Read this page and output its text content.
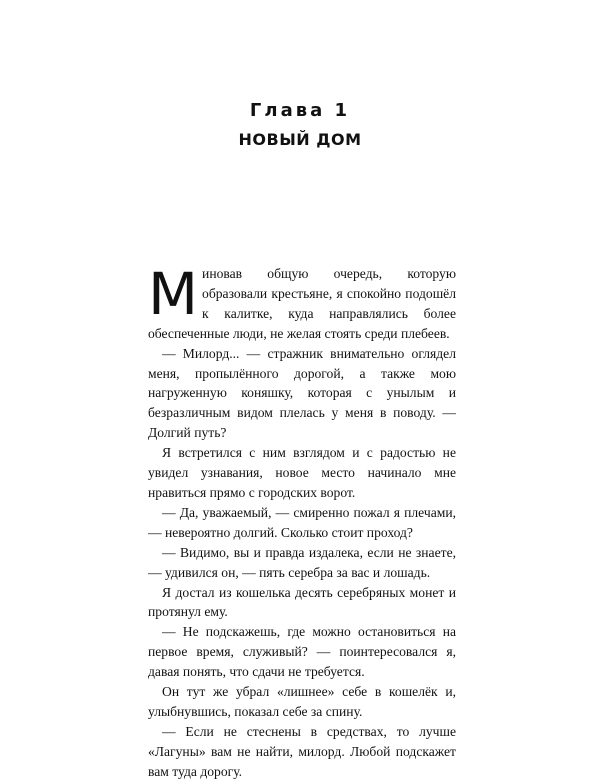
Глава 1
НОВЫЙ ДОМ

Миновав общую очередь, которую образовали крестьяне, я спокойно подошёл к калитке, куда направлялись более обеспеченные люди, не желая стоять среди плебеев.

— Милорд... — стражник внимательно оглядел меня, пропылённого дорогой, а также мою нагруженную коняшку, которая с унылым и безразличным видом плелась у меня в поводу. — Долгий путь?

Я встретился с ним взглядом и с радостью не увидел узнавания, новое место начинало мне нравиться прямо с городских ворот.

— Да, уважаемый, — смиренно пожал я плечами, — невероятно долгий. Сколько стоит проход?

— Видимо, вы и правда издалека, если не знаете, — удивился он, — пять серебра за вас и лошадь.

Я достал из кошелька десять серебряных монет и протянул ему.

— Не подскажешь, где можно остановиться на первое время, служивый? — поинтересовался я, давая понять, что сдачи не требуется.

Он тут же убрал «лишнее» себе в кошелёк и, улыбнувшись, показал себе за спину.

— Если не стеснены в средствах, то лучше «Лагуны» вам не найти, милорд. Любой подскажет вам туда дорогу.
